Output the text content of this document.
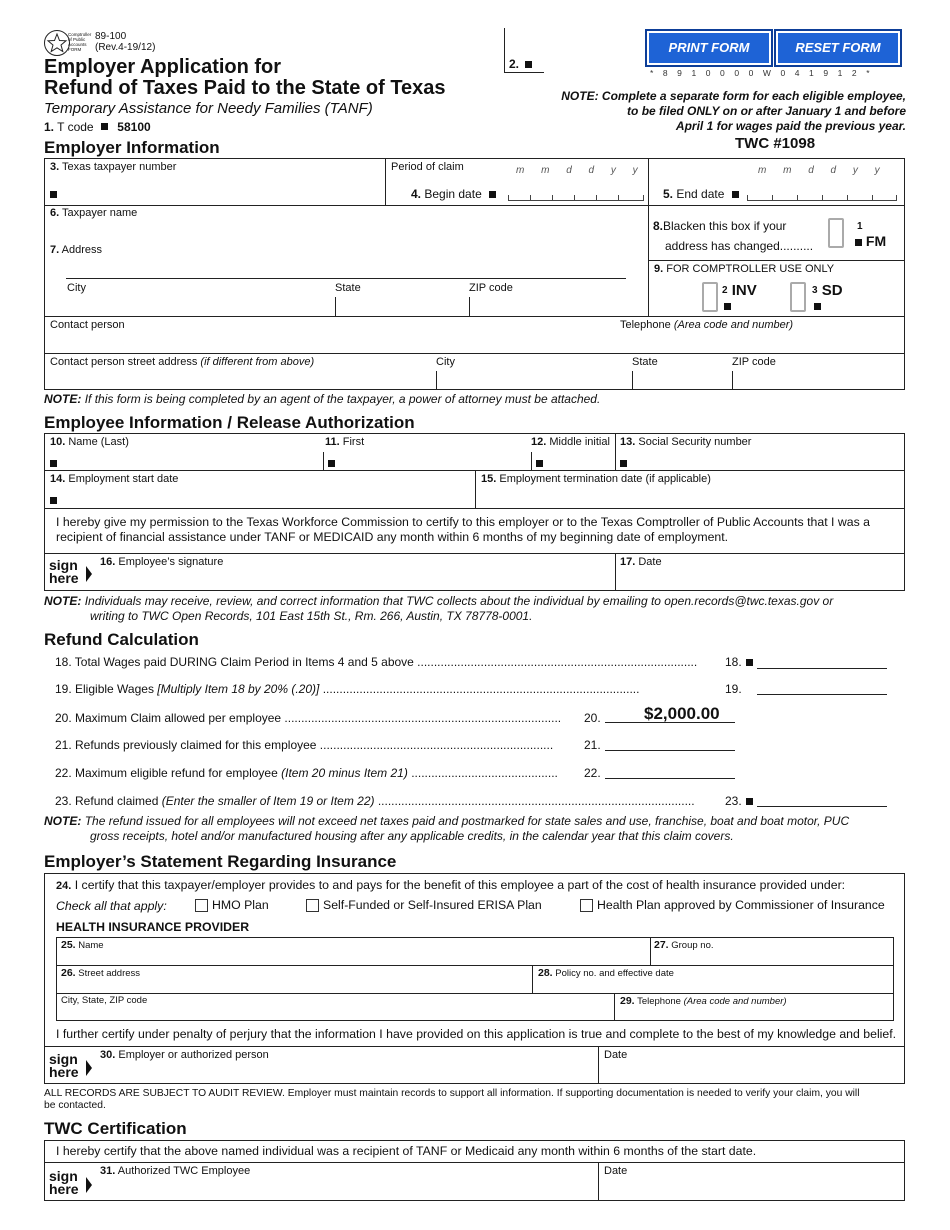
Comptroller of Public Accounts FORM
89-100
(Rev.4-19/12)
Employer Application for
Refund of Taxes Paid to the State of Texas
Temporary Assistance for Needy Families (TANF)
1. T code 58100
2.
PRINT FORM	RESET FORM
* 8 9 1 0 0 0 0 W 0 4 1 9 1 2 *
NOTE: Complete a separate form for each eligible employee,
to be filed ONLY on or after January 1 and before
April 1 for wages paid the previous year.
TWC #1098
Employer Information
3. Texas taxpayer number	Period of claim	m m d d y y	m m d d y y
4. Begin date	5. End date
6. Taxpayer name
7. Address
City	State	ZIP code
8.Blacken this box if your
address has changed..........
1
FM
9. FOR COMPTROLLER USE ONLY
$^2$ INV	$^3$ SD
Contact person	Telephone (Area code and number)
Contact person street address (if different from above)	City	State	ZIP code
NOTE: If this form is being completed by an agent of the taxpayer, a power of attorney must be attached.
Employee Information / Release Authorization
10. Name (Last)	11. First	12. Middle initial 13. Social Security number
14. Employment start date	15. Employment termination date (if applicable)
I hereby give my permission to the Texas Workforce Commission to certify to this employer or to the Texas Comptroller of Public Accounts that I was a
recipient of financial assistance under TANF or MEDICAID any month within 6 months of my beginning date of employment.
sign
here
16. Employee’s signature	17. Date
NOTE: Individuals may receive, review, and correct information that TWC collects about the individual by emailing to open.records@twc.texas.gov or
writing to TWC Open Records, 101 East 15th St., Rm. 266, Austin, TX 78778-0001.
Refund Calculation
18. Total Wages paid DURING Claim Period in Items 4 and 5 above ....................................................................................	18.
19. Eligible Wages [Multiply Item 18 by 20% (.20)] ...............................................................................................	19.
20. Maximum Claim allowed per employee ...................................................................................	20.	$2,000.00
21. Refunds previously claimed for this employee ......................................................................	21.
22. Maximum eligible refund for employee (Item 20 minus Item 21) ............................................	22.
23. Refund claimed (Enter the smaller of Item 19 or Item 22) ...............................................................................................	23.
NOTE: The refund issued for all employees will not exceed net taxes paid and postmarked for state sales and use, franchise, boat and boat motor, PUC
gross receipts, hotel and/or manufactured housing after any applicable credits, in the calendar year that this claim covers.
Employer’s Statement Regarding Insurance
24. I certify that this taxpayer/employer provides to and pays for the benefit of this employee a part of the cost of health insurance provided under:
Check all that apply:	HMO Plan	Self-Funded or Self-Insured ERISA Plan	Health Plan approved by Commissioner of Insurance
HEALTH INSURANCE PROVIDER
25. Name	27. Group no.
26. Street address	28. Policy no. and effective date
City, State, ZIP code	29. Telephone (Area code and number)
I further certify under penalty of perjury that the information I have provided on this application is true and complete to the best of my knowledge and belief.
sign
here
30. Employer or authorized person	Date
ALL RECORDS ARE SUBJECT TO AUDIT REVIEW. Employer must maintain records to support all information. If supporting documentation is needed to verify your claim, you will
be contacted.
TWC Certification
I hereby certify that the above named individual was a recipient of TANF or Medicaid any month within 6 months of the start date.
sign
here
31. Authorized TWC Employee	Date
